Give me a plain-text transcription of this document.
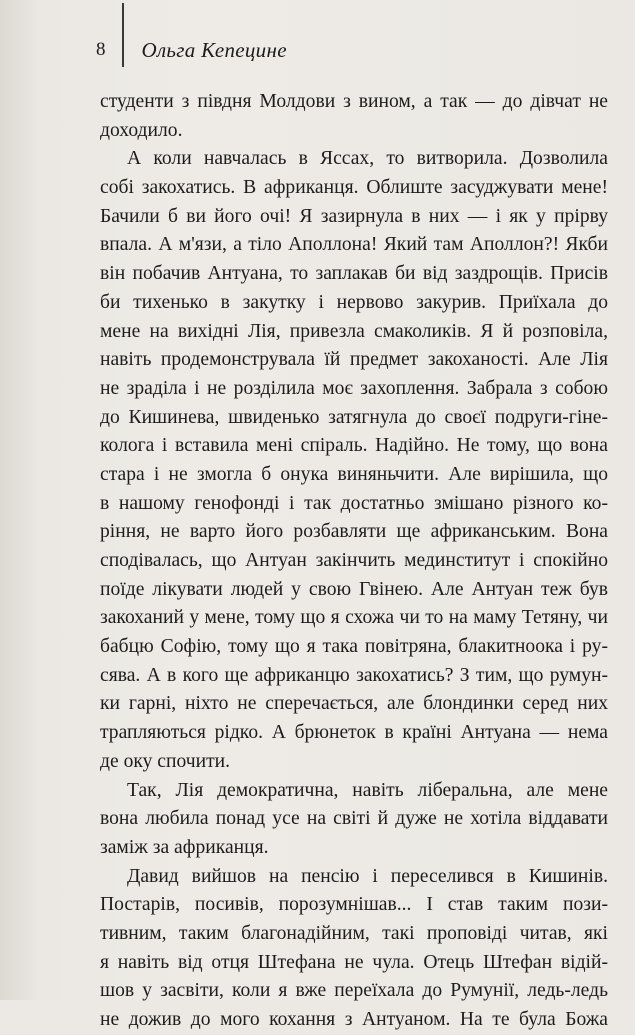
8	Ольга Кепецине
студенти з півдня Молдови з вином, а так — до дівчат не
доходило.
А коли навчалась в Яссах, то витворила. Дозволила
собі закохатись. В африканця. Облиште засуджувати мене!
Бачили б ви його очі! Я зазирнула в них — і як у прірву
впала. А м'язи, а тіло Аполлона! Який там Аполлон?! Якби
він побачив Антуана, то заплакав би від заздрощів. Присів
би тихенько в закутку і нервово закурив. Приїхала до
мене на вихідні Лія, привезла смаколиків. Я й розповіла,
навіть продемонструвала їй предмет закоханості. Але Лія
не зраділа і не розділила моє захоплення. Забрала з собою
до Кишинева, швиденько затягнула до своєї подруги-гіне-
колога і вставила мені спіраль. Надійно. Не тому, що вона
стара і не змогла б онука виняньчити. Але вирішила, що
в нашому генофонді і так достатньо змішано різного ко-
ріння, не варто його розбавляти ще африканським. Вона
сподівалась, що Антуан закінчить мединститут і спокійно
поїде лікувати людей у свою Гвінею. Але Антуан теж був
закоханий у мене, тому що я схожа чи то на маму Тетяну, чи
бабцю Софію, тому що я така повітряна, блакитноока і ру-
сява. А в кого ще африканцю закохатись? З тим, що румун-
ки гарні, ніхто не сперечається, але блондинки серед них
трапляються рідко. А брюнеток в країні Антуана — нема
де оку спочити.
Так, Лія демократична, навіть ліберальна, але мене
вона любила понад усе на світі й дуже не хотіла віддавати
заміж за африканця.
Давид вийшов на пенсію і переселився в Кишинів.
Постарів, посивів, порозумнішав... І став таким пози-
тивним, таким благонадійним, такі проповіді читав, які
я навіть від отця Штефана не чула. Отець Штефан відій-
шов у засвіти, коли я вже переїхала до Румунії, ледь-ледь
не дожив до мого кохання з Антуаном. На те була Божа
